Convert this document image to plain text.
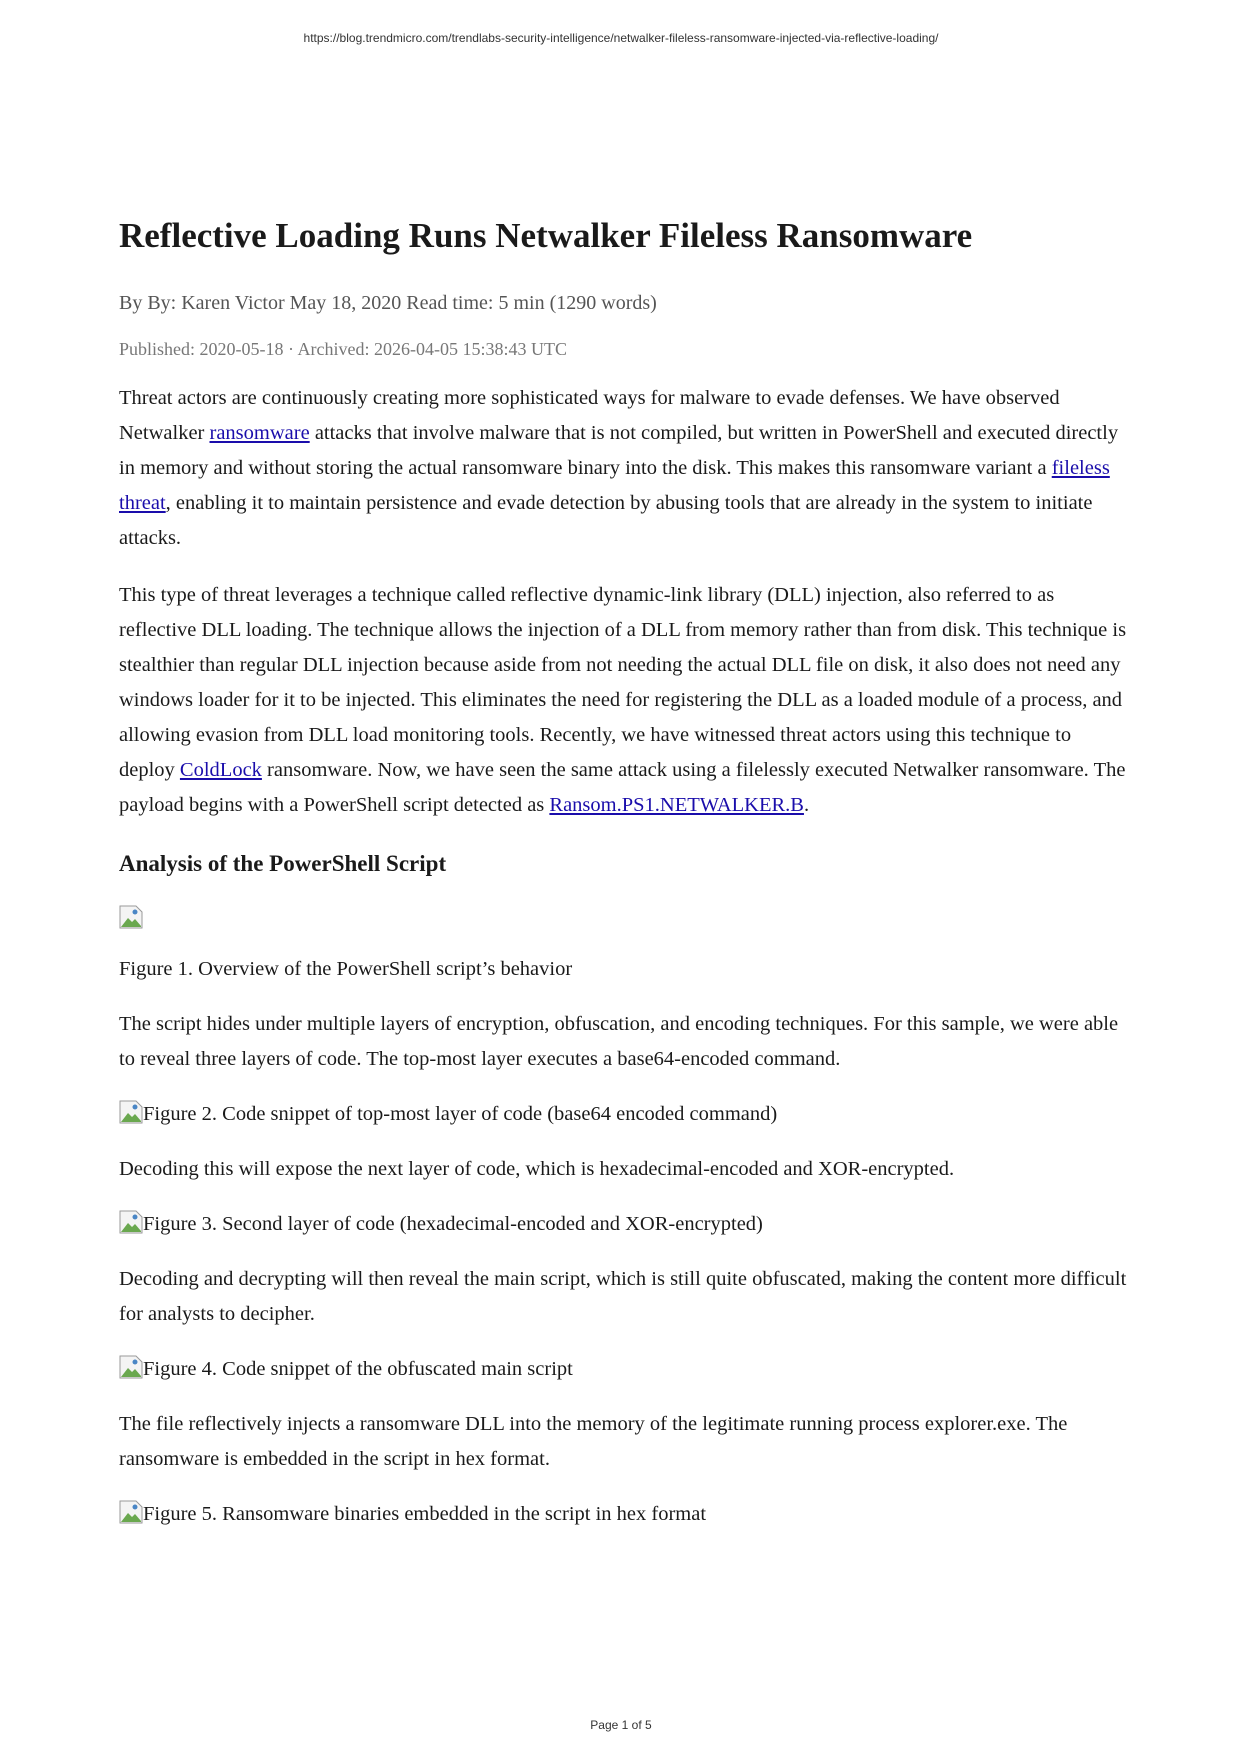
https://blog.trendmicro.com/trendlabs-security-intelligence/netwalker-fileless-ransomware-injected-via-reflective-loading/
Reflective Loading Runs Netwalker Fileless Ransomware
By By: Karen Victor May 18, 2020 Read time: 5 min (1290 words)
Published: 2020-05-18 · Archived: 2026-04-05 15:38:43 UTC

Threat actors are continuously creating more sophisticated ways for malware to evade defenses. We have observed Netwalker ransomware attacks that involve malware that is not compiled, but written in PowerShell and executed directly in memory and without storing the actual ransomware binary into the disk. This makes this ransomware variant a fileless threat, enabling it to maintain persistence and evade detection by abusing tools that are already in the system to initiate attacks.

This type of threat leverages a technique called reflective dynamic-link library (DLL) injection, also referred to as reflective DLL loading. The technique allows the injection of a DLL from memory rather than from disk. This technique is stealthier than regular DLL injection because aside from not needing the actual DLL file on disk, it also does not need any windows loader for it to be injected. This eliminates the need for registering the DLL as a loaded module of a process, and allowing evasion from DLL load monitoring tools. Recently, we have witnessed threat actors using this technique to deploy ColdLock ransomware. Now, we have seen the same attack using a filelessly executed Netwalker ransomware. The payload begins with a PowerShell script detected as Ransom.PS1.NETWALKER.B.

Analysis of the PowerShell Script

Figure 1. Overview of the PowerShell script’s behavior

The script hides under multiple layers of encryption, obfuscation, and encoding techniques. For this sample, we were able to reveal three layers of code. The top-most layer executes a base64-encoded command.

Figure 2. Code snippet of top-most layer of code (base64 encoded command)

Decoding this will expose the next layer of code, which is hexadecimal-encoded and XOR-encrypted.

Figure 3. Second layer of code (hexadecimal-encoded and XOR-encrypted)

Decoding and decrypting will then reveal the main script, which is still quite obfuscated, making the content more difficult for analysts to decipher.

Figure 4. Code snippet of the obfuscated main script

The file reflectively injects a ransomware DLL into the memory of the legitimate running process explorer.exe. The ransomware is embedded in the script in hex format.

Figure 5. Ransomware binaries embedded in the script in hex format

Page 1 of 5
